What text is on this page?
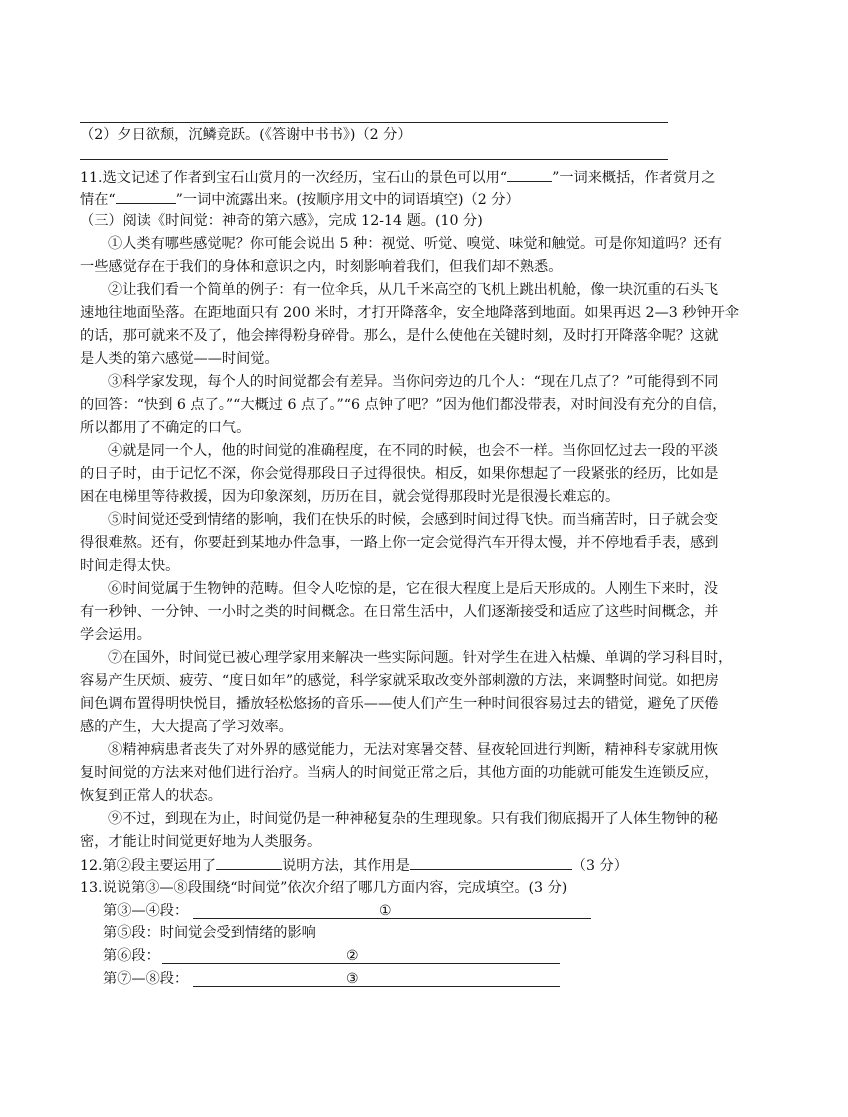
（2）夕日欲颓，沉鳞竞跃。(《答谢中书书》)（2 分）
11.选文记述了作者到宝石山赏月的一次经历，宝石山的景色可以用“	”一词来概括，作者赏月之
情在“	”一词中流露出来。(按顺序用文中的词语填空)（2 分）
（三）阅读《时间觉：神奇的第六感》，完成 12-14 题。(10 分)
①人类有哪些感觉呢？你可能会说出 5 种：视觉、听觉、嗅觉、味觉和触觉。可是你知道吗？还有
一些感觉存在于我们的身体和意识之内，时刻影响着我们，但我们却不熟悉。
②让我们看一个简单的例子：有一位伞兵，从几千米高空的飞机上跳出机舱，像一块沉重的石头飞
速地往地面坠落。在距地面只有 200 米时，才打开降落伞，安全地降落到地面。如果再迟 2—3 秒钟开伞
的话，那可就来不及了，他会摔得粉身碎骨。那么，是什么使他在关键时刻，及时打开降落伞呢？这就
是人类的第六感觉——时间觉。
③科学家发现，每个人的时间觉都会有差异。当你问旁边的几个人：“现在几点了？”可能得到不同
的回答：“快到 6 点了。”“大概过 6 点了。”“6 点钟了吧？”因为他们都没带表，对时间没有充分的自信，
所以都用了不确定的口气。
④就是同一个人，他的时间觉的准确程度，在不同的时候，也会不一样。当你回忆过去一段的平淡
的日子时，由于记忆不深，你会觉得那段日子过得很快。相反，如果你想起了一段紧张的经历，比如是
困在电梯里等待救援，因为印象深刻，历历在目，就会觉得那段时光是很漫长难忘的。
⑤时间觉还受到情绪的影响，我们在快乐的时候，会感到时间过得飞快。而当痛苦时，日子就会变
得很难熬。还有，你要赶到某地办件急事，一路上你一定会觉得汽车开得太慢，并不停地看手表，感到
时间走得太快。
⑥时间觉属于生物钟的范畴。但令人吃惊的是，它在很大程度上是后天形成的。人刚生下来时，没
有一秒钟、一分钟、一小时之类的时间概念。在日常生活中，人们逐渐接受和适应了这些时间概念，并
学会运用。
⑦在国外，时间觉已被心理学家用来解决一些实际问题。针对学生在进入枯燥、单调的学习科目时，
容易产生厌烦、疲劳、“度日如年”的感觉，科学家就采取改变外部刺激的方法，来调整时间觉。如把房
间色调布置得明快悦目，播放轻松悠扬的音乐——使人们产生一种时间很容易过去的错觉，避免了厌倦
感的产生，大大提高了学习效率。
⑧精神病患者丧失了对外界的感觉能力，无法对寒暑交替、昼夜轮回进行判断，精神科专家就用恢
复时间觉的方法来对他们进行治疗。当病人的时间觉正常之后，其他方面的功能就可能发生连锁反应，
恢复到正常人的状态。
⑨不过，到现在为止，时间觉仍是一种神秘复杂的生理现象。只有我们彻底揭开了人体生物钟的秘
密，才能让时间觉更好地为人类服务。
12.第②段主要运用了	说明方法，其作用是	（3 分）
13.说说第③—⑧段围绕“时间觉”依次介绍了哪几方面内容，完成填空。(3 分)
第③—④段：	①
第⑤段：时间觉会受到情绪的影响
第⑥段：	②
第⑦—⑧段：	③
